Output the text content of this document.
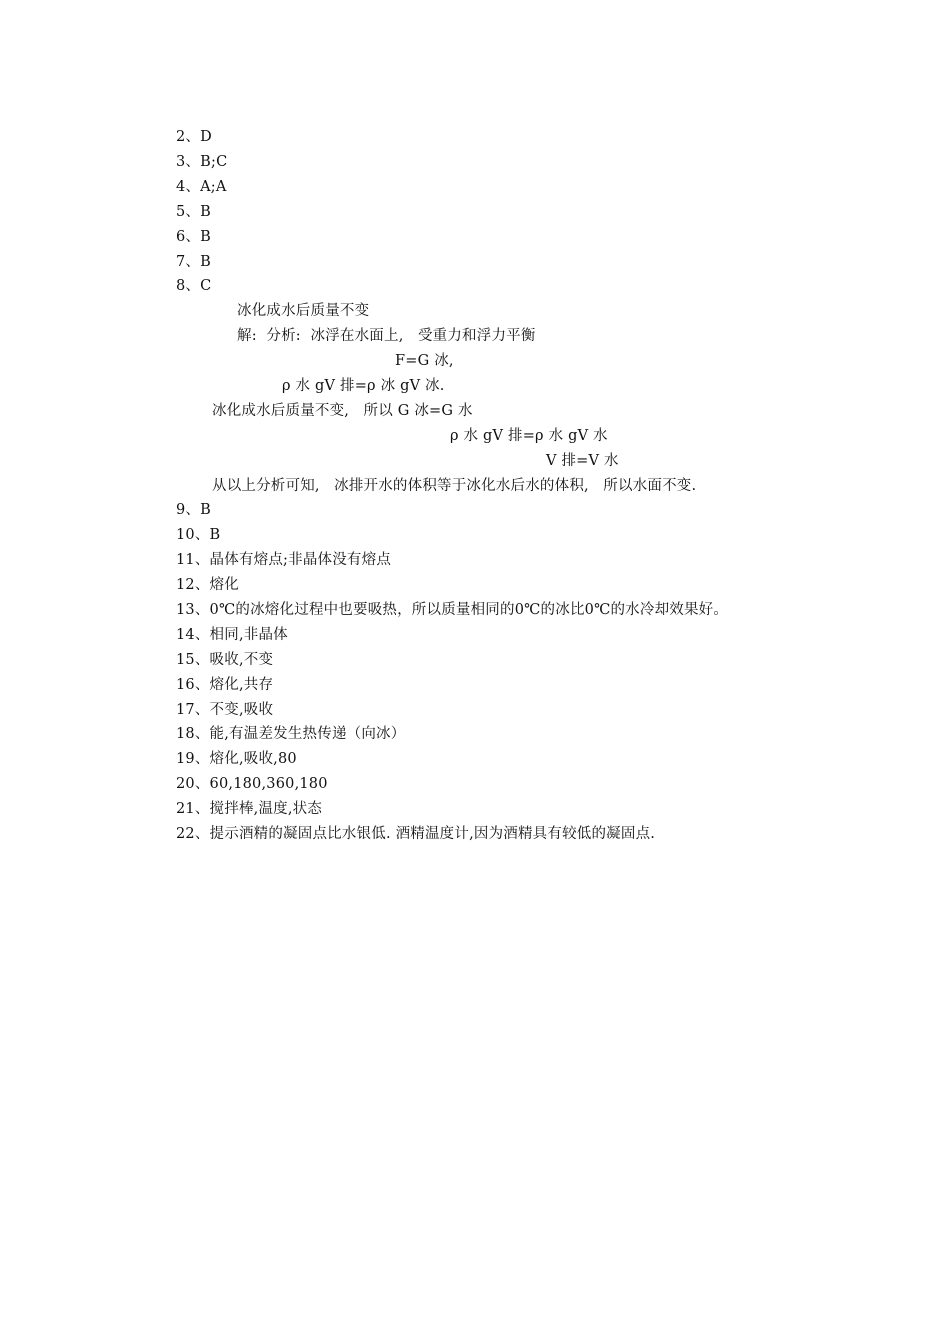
2、D
3、B;C
4、A;A
5、B
6、B
7、B
8、C
冰化成水后质量不变
解:  分析:  冰浮在水面上,   受重力和浮力平衡
F=G 冰,
ρ 水 gV 排=ρ 冰 gV 冰.
冰化成水后质量不变,   所以 G 冰=G 水
ρ 水 gV 排=ρ 水 gV 水
V 排=V 水
从以上分析可知,   冰排开水的体积等于冰化水后水的体积,   所以水面不变.
9、B
10、B
11、晶体有熔点;非晶体没有熔点
12、熔化
13、0℃的冰熔化过程中也要吸热，所以质量相同的0℃的冰比0℃的水冷却效果好。
14、相同,非晶体
15、吸收,不变
16、熔化,共存
17、不变,吸收
18、能,有温差发生热传递（向冰）
19、熔化,吸收,80
20、60,180,360,180
21、搅拌棒,温度,状态
22、提示酒精的凝固点比水银低. 酒精温度计,因为酒精具有较低的凝固点.
